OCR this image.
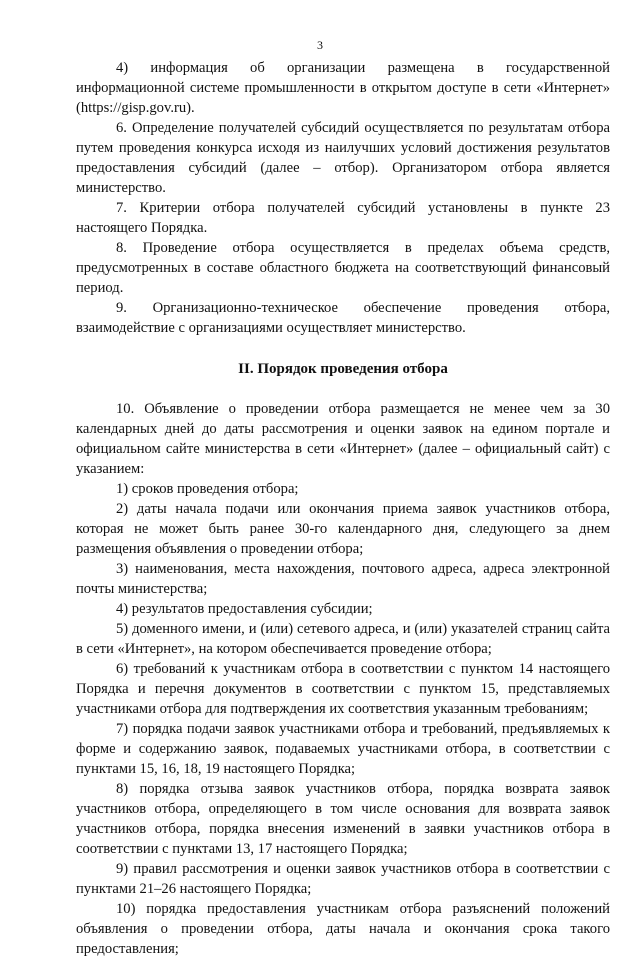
3

4) информация об организации размещена в государственной информационной системе промышленности в открытом доступе в сети «Интернет» (https://gisp.gov.ru).

6. Определение получателей субсидий осуществляется по результатам отбора путем проведения конкурса исходя из наилучших условий достижения результатов предоставления субсидий (далее – отбор). Организатором отбора является министерство.

7. Критерии отбора получателей субсидий установлены в пункте 23 настоящего Порядка.

8. Проведение отбора осуществляется в пределах объема средств, предусмотренных в составе областного бюджета на соответствующий финансовый период.

9. Организационно-техническое обеспечение проведения отбора, взаимодействие с организациями осуществляет министерство.

II. Порядок проведения отбора

10. Объявление о проведении отбора размещается не менее чем за 30 календарных дней до даты рассмотрения и оценки заявок на едином портале и официальном сайте министерства в сети «Интернет» (далее – официальный сайт) с указанием:

1) сроков проведения отбора;

2) даты начала подачи или окончания приема заявок участников отбора, которая не может быть ранее 30-го календарного дня, следующего за днем размещения объявления о проведении отбора;

3) наименования, места нахождения, почтового адреса, адреса электронной почты министерства;

4) результатов предоставления субсидии;

5) доменного имени, и (или) сетевого адреса, и (или) указателей страниц сайта в сети «Интернет», на котором обеспечивается проведение отбора;

6) требований к участникам отбора в соответствии с пунктом 14 настоящего Порядка и перечня документов в соответствии с пунктом 15, представляемых участниками отбора для подтверждения их соответствия указанным требованиям;

7) порядка подачи заявок участниками отбора и требований, предъявляемых к форме и содержанию заявок, подаваемых участниками отбора, в соответствии с пунктами 15, 16, 18, 19 настоящего Порядка;

8) порядка отзыва заявок участников отбора, порядка возврата заявок участников отбора, определяющего в том числе основания для возврата заявок участников отбора, порядка внесения изменений в заявки участников отбора в соответствии с пунктами 13, 17 настоящего Порядка;

9) правил рассмотрения и оценки заявок участников отбора в соответствии с пунктами 21–26 настоящего Порядка;

10) порядка предоставления участникам отбора разъяснений положений объявления о проведении отбора, даты начала и окончания срока такого предоставления;
